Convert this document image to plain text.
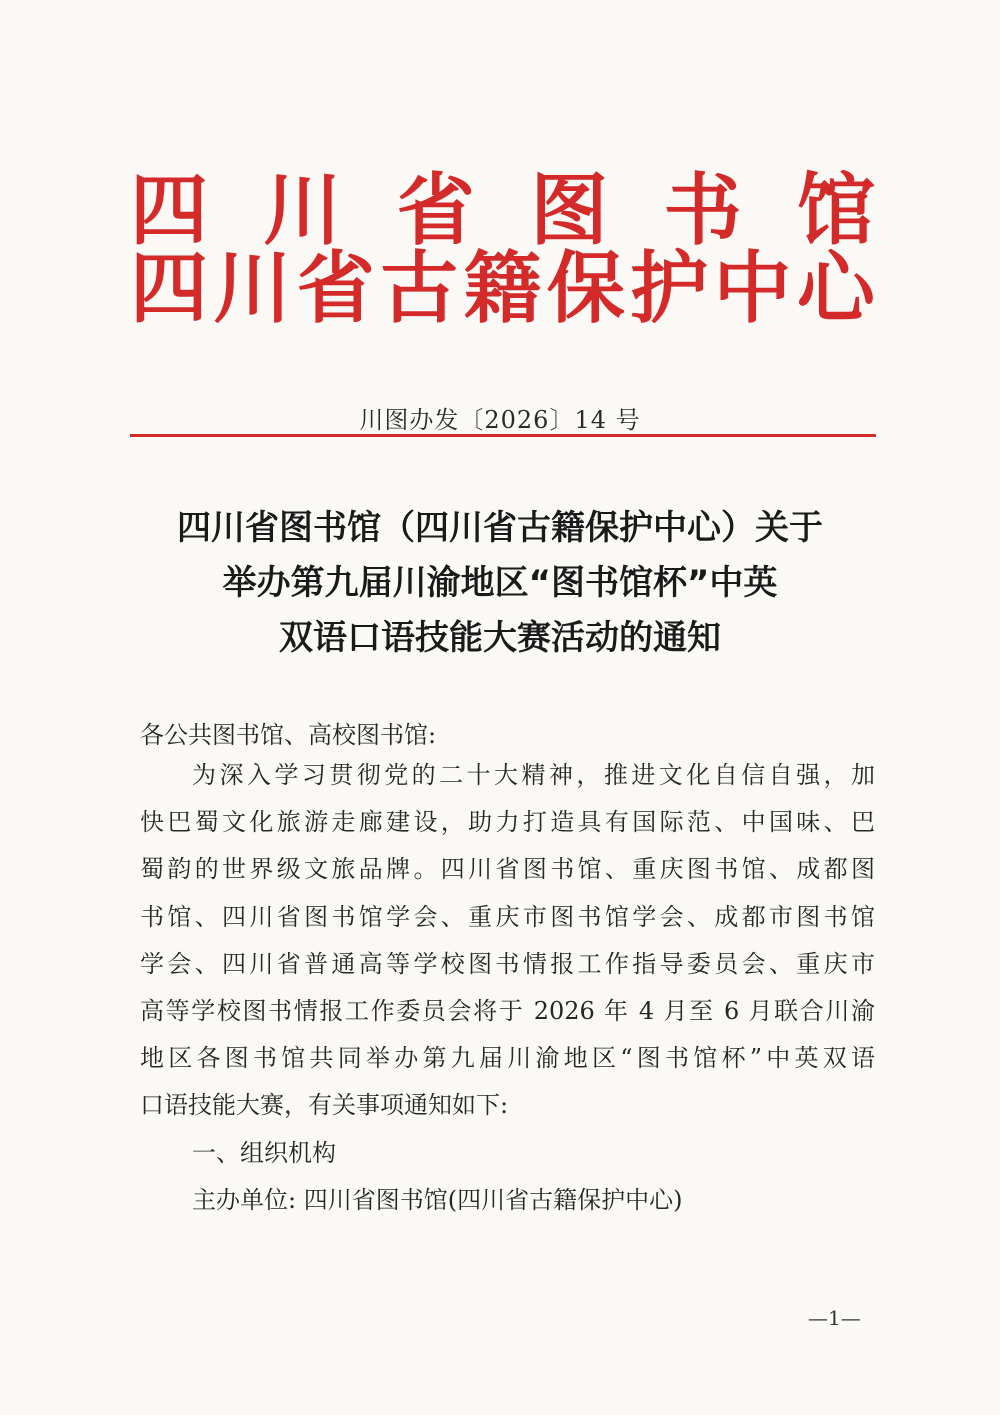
四 川 省 图 书 馆
四 川 省 古 籍 保 护 中 心
川图办发〔2026〕14 号
四川省图书馆（四川省古籍保护中心）关于
举办第九届川渝地区“图书馆杯”中英
双语口语技能大赛活动的通知
各公共图书馆、高校图书馆:
为深入学习贯彻党的二十大精神，推进文化自信自强，加
快巴蜀文化旅游走廊建设，助力打造具有国际范、中国味、巴
蜀韵的世界级文旅品牌。四川省图书馆、重庆图书馆、成都图
书馆、四川省图书馆学会、重庆市图书馆学会、成都市图书馆
学会、四川省普通高等学校图书情报工作指导委员会、重庆市
高等学校图书情报工作委员会将于 2026 年 4 月至 6 月联合川渝
地区各图书馆共同举办第九届川渝地区“图书馆杯”中英双语
口语技能大赛，有关事项通知如下:
一、组织机构
主办单位: 四川省图书馆(四川省古籍保护中心)
—1—
